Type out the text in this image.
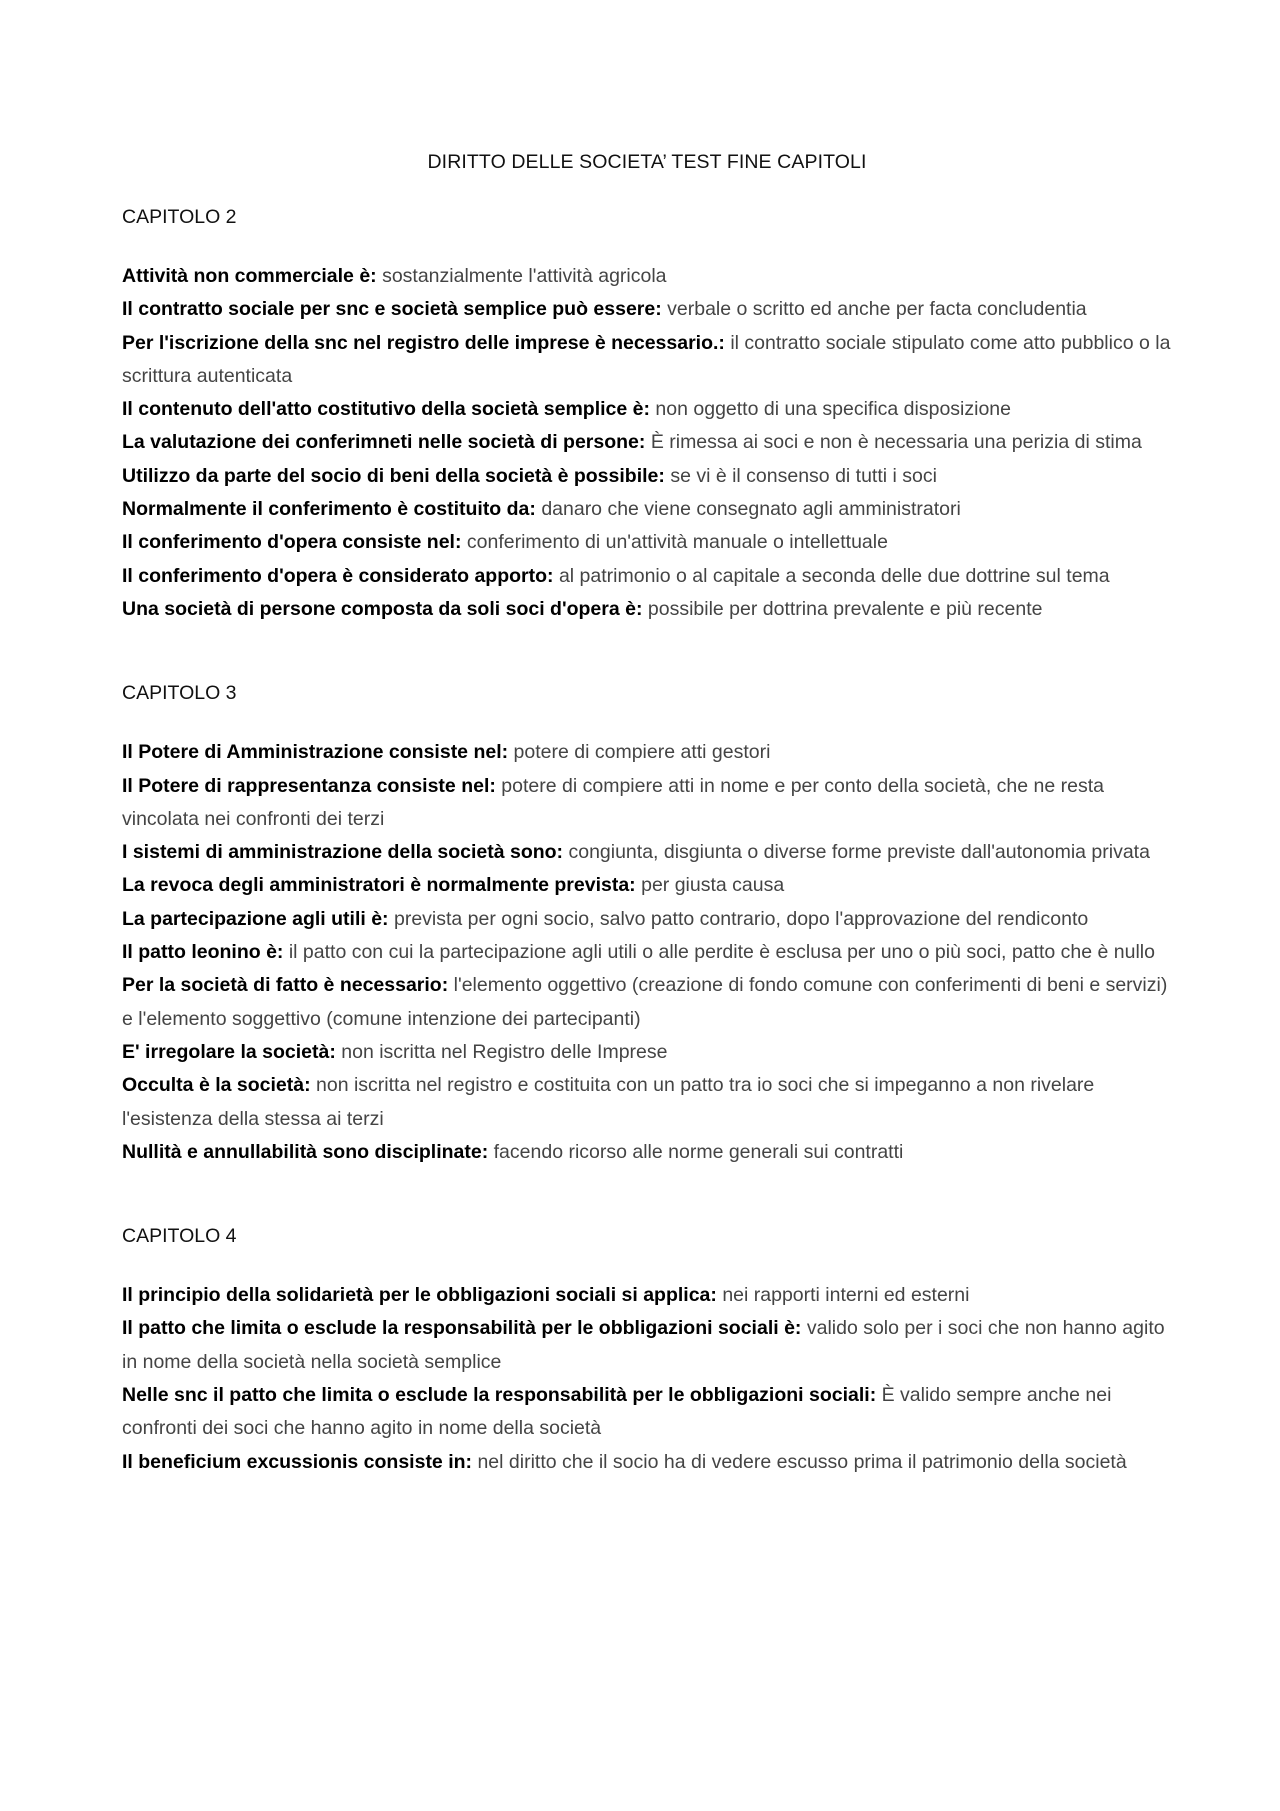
DIRITTO DELLE SOCIETA’ TEST FINE CAPITOLI
CAPITOLO 2
Attività non commerciale è: sostanzialmente l'attività agricola
Il contratto sociale per snc e società semplice può essere: verbale o scritto ed anche per facta concludentia
Per l'iscrizione della snc nel registro delle imprese è necessario.: il contratto sociale stipulato come atto pubblico o la scrittura autenticata
Il contenuto dell'atto costitutivo della società semplice è: non oggetto di una specifica disposizione
La valutazione dei conferimneti nelle società di persone: È rimessa ai soci e non è necessaria una perizia di stima
Utilizzo da parte del socio di beni della società è possibile: se vi è il consenso di tutti i soci
Normalmente il conferimento è costituito da: danaro che viene consegnato agli amministratori
Il conferimento d'opera consiste nel: conferimento di un'attività manuale o intellettuale
Il conferimento d'opera è considerato apporto: al patrimonio o al capitale a seconda delle due dottrine sul tema
Una società di persone composta da soli soci d'opera è: possibile per dottrina prevalente e più recente
CAPITOLO 3
Il Potere di Amministrazione consiste nel: potere di compiere atti gestori
Il Potere di rappresentanza consiste nel: potere di compiere atti in nome e per conto della società, che ne resta vincolata nei confronti dei terzi
I sistemi di amministrazione della società sono: congiunta, disgiunta o diverse forme previste dall'autonomia privata
La revoca degli amministratori è normalmente prevista: per giusta causa
La partecipazione agli utili è: prevista per ogni socio, salvo patto contrario, dopo l'approvazione del rendiconto
Il patto leonino è: il patto con cui la partecipazione agli utili o alle perdite è esclusa per uno o più soci, patto che è nullo
Per la società di fatto è necessario: l'elemento oggettivo (creazione di fondo comune con conferimenti di beni e servizi) e l'elemento soggettivo (comune intenzione dei partecipanti)
E' irregolare la società: non iscritta nel Registro delle Imprese
Occulta è la società: non iscritta nel registro e costituita con un patto tra io soci che si impeganno a non rivelare l'esistenza della stessa ai terzi
Nullità e annullabilità sono disciplinate: facendo ricorso alle norme generali sui contratti
CAPITOLO 4
Il principio della solidarietà per le obbligazioni sociali si applica: nei rapporti interni ed esterni
Il patto che limita o esclude la responsabilità per le obbligazioni sociali è: valido solo per i soci che non hanno agito in nome della società nella società semplice
Nelle snc il patto che limita o esclude la responsabilità per le obbligazioni sociali: È valido sempre anche nei confronti dei soci che hanno agito in nome della società
Il beneficium excussionis consiste in: nel diritto che il socio ha di vedere escusso prima il patrimonio della società
